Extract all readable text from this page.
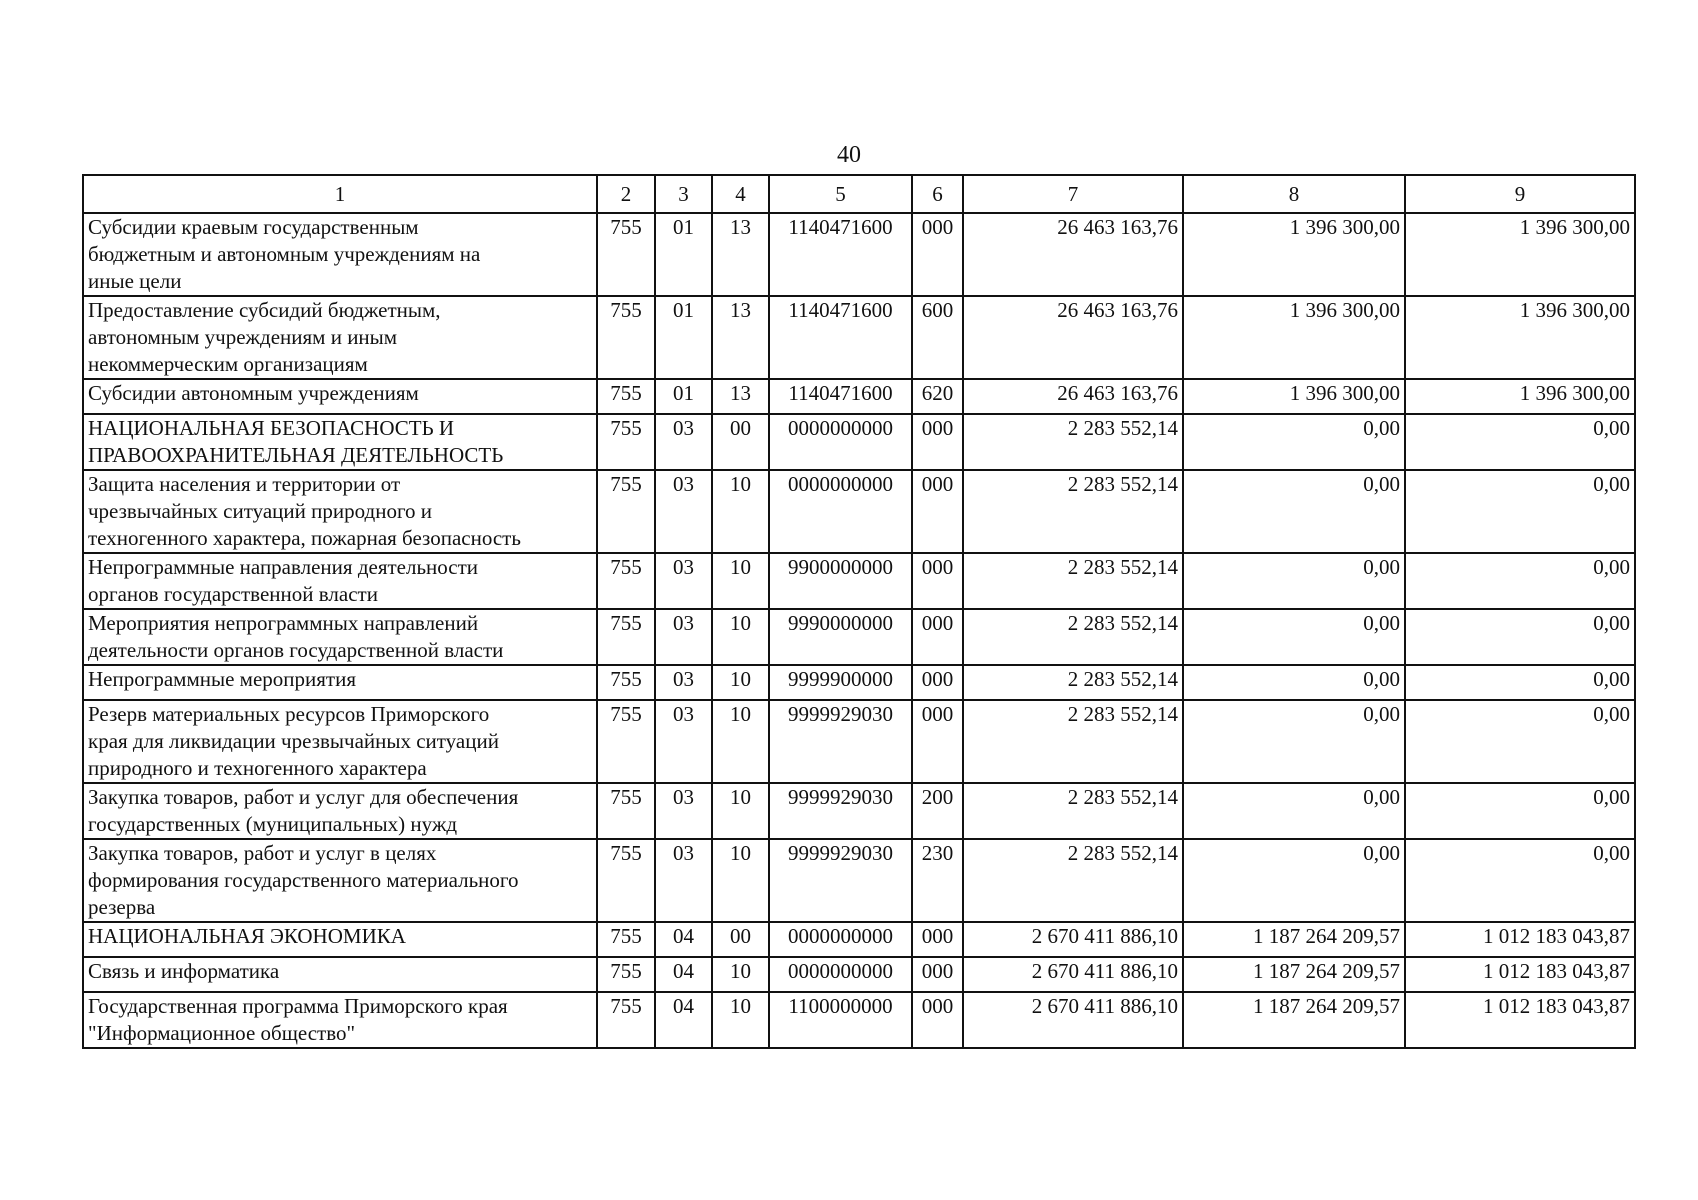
40
1	2	3	4	5	6	7	8	9
Субсидии краевым государственным
бюджетным и автономным учреждениям на
иные цели	755	01	13	1140471600	000	26 463 163,76	1 396 300,00	1 396 300,00
Предоставление субсидий бюджетным,
автономным учреждениям и иным
некоммерческим организациям	755	01	13	1140471600	600	26 463 163,76	1 396 300,00	1 396 300,00
Субсидии автономным учреждениям	755	01	13	1140471600	620	26 463 163,76	1 396 300,00	1 396 300,00
НАЦИОНАЛЬНАЯ БЕЗОПАСНОСТЬ И
ПРАВООХРАНИТЕЛЬНАЯ ДЕЯТЕЛЬНОСТЬ	755	03	00	0000000000	000	2 283 552,14	0,00	0,00
Защита населения и территории от
чрезвычайных ситуаций природного и
техногенного характера, пожарная безопасность	755	03	10	0000000000	000	2 283 552,14	0,00	0,00
Непрограммные направления деятельности
органов государственной власти	755	03	10	9900000000	000	2 283 552,14	0,00	0,00
Мероприятия непрограммных направлений
деятельности органов государственной власти	755	03	10	9990000000	000	2 283 552,14	0,00	0,00
Непрограммные мероприятия	755	03	10	9999900000	000	2 283 552,14	0,00	0,00
Резерв материальных ресурсов Приморского
края для ликвидации чрезвычайных ситуаций
природного и техногенного характера	755	03	10	9999929030	000	2 283 552,14	0,00	0,00
Закупка товаров, работ и услуг для обеспечения
государственных (муниципальных) нужд	755	03	10	9999929030	200	2 283 552,14	0,00	0,00
Закупка товаров, работ и услуг в целях
формирования государственного материального
резерва	755	03	10	9999929030	230	2 283 552,14	0,00	0,00
НАЦИОНАЛЬНАЯ ЭКОНОМИКА	755	04	00	0000000000	000	2 670 411 886,10	1 187 264 209,57	1 012 183 043,87
Связь и информатика	755	04	10	0000000000	000	2 670 411 886,10	1 187 264 209,57	1 012 183 043,87
Государственная программа Приморского края
"Информационное общество"	755	04	10	1100000000	000	2 670 411 886,10	1 187 264 209,57	1 012 183 043,87
